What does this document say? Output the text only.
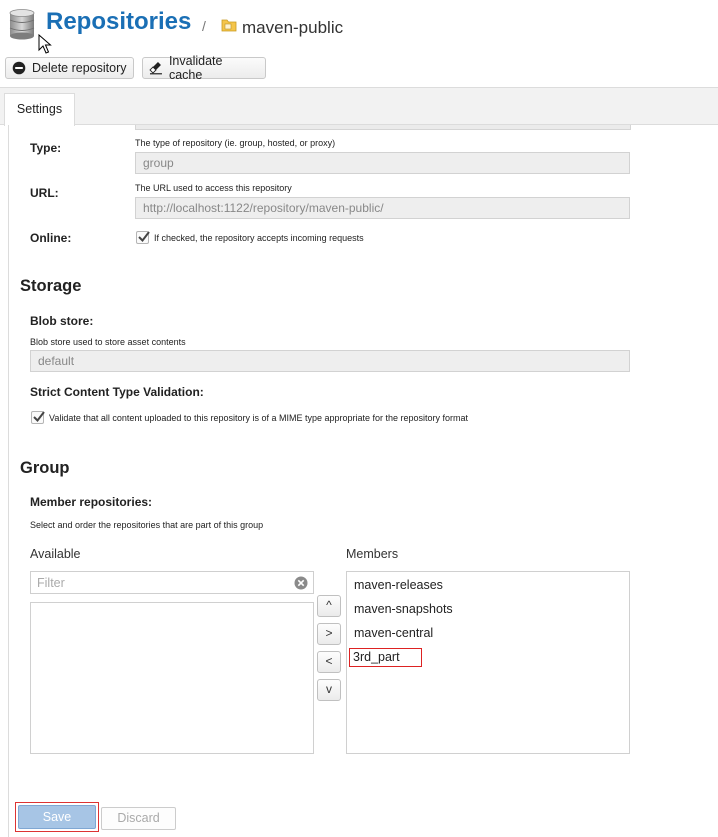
Repositories / maven-public
Delete repository	Invalidate cache
Settings
Type:	The type of repository (ie. group, hosted, or proxy)
group
URL:	The URL used to access this repository
http://localhost:1122/repository/maven-public/
Online:	If checked, the repository accepts incoming requests
Storage
Blob store:
Blob store used to store asset contents
default
Strict Content Type Validation:
Validate that all content uploaded to this repository is of a MIME type appropriate for the repository format
Group
Member repositories:
Select and order the repositories that are part of this group
Available	Members
Filter
^
>
<
v
maven-releases
maven-snapshots
maven-central
3rd_part
Save	Discard
